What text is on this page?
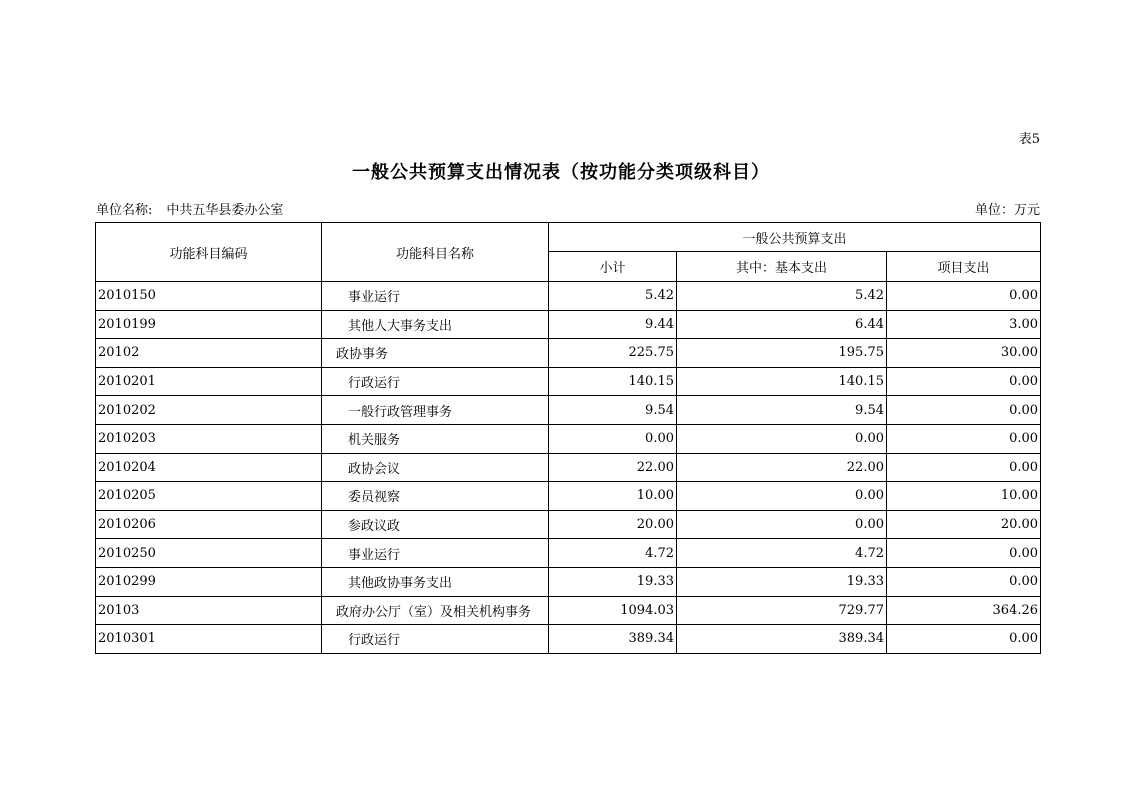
表5
一般公共预算支出情况表（按功能分类项级科目）
单位名称: 中共五华县委办公室	单位：万元
功能科目编码	功能科目名称	一般公共预算支出		
		小计	其中：基本支出	项目支出
2010150	事业运行	5.42	5.42	0.00
2010199	其他人大事务支出	9.44	6.44	3.00
20102	政协事务	225.75	195.75	30.00
2010201	行政运行	140.15	140.15	0.00
2010202	一般行政管理事务	9.54	9.54	0.00
2010203	机关服务	0.00	0.00	0.00
2010204	政协会议	22.00	22.00	0.00
2010205	委员视察	10.00	0.00	10.00
2010206	参政议政	20.00	0.00	20.00
2010250	事业运行	4.72	4.72	0.00
2010299	其他政协事务支出	19.33	19.33	0.00
20103	政府办公厅（室）及相关机构事务	1094.03	729.77	364.26
2010301	行政运行	389.34	389.34	0.00
